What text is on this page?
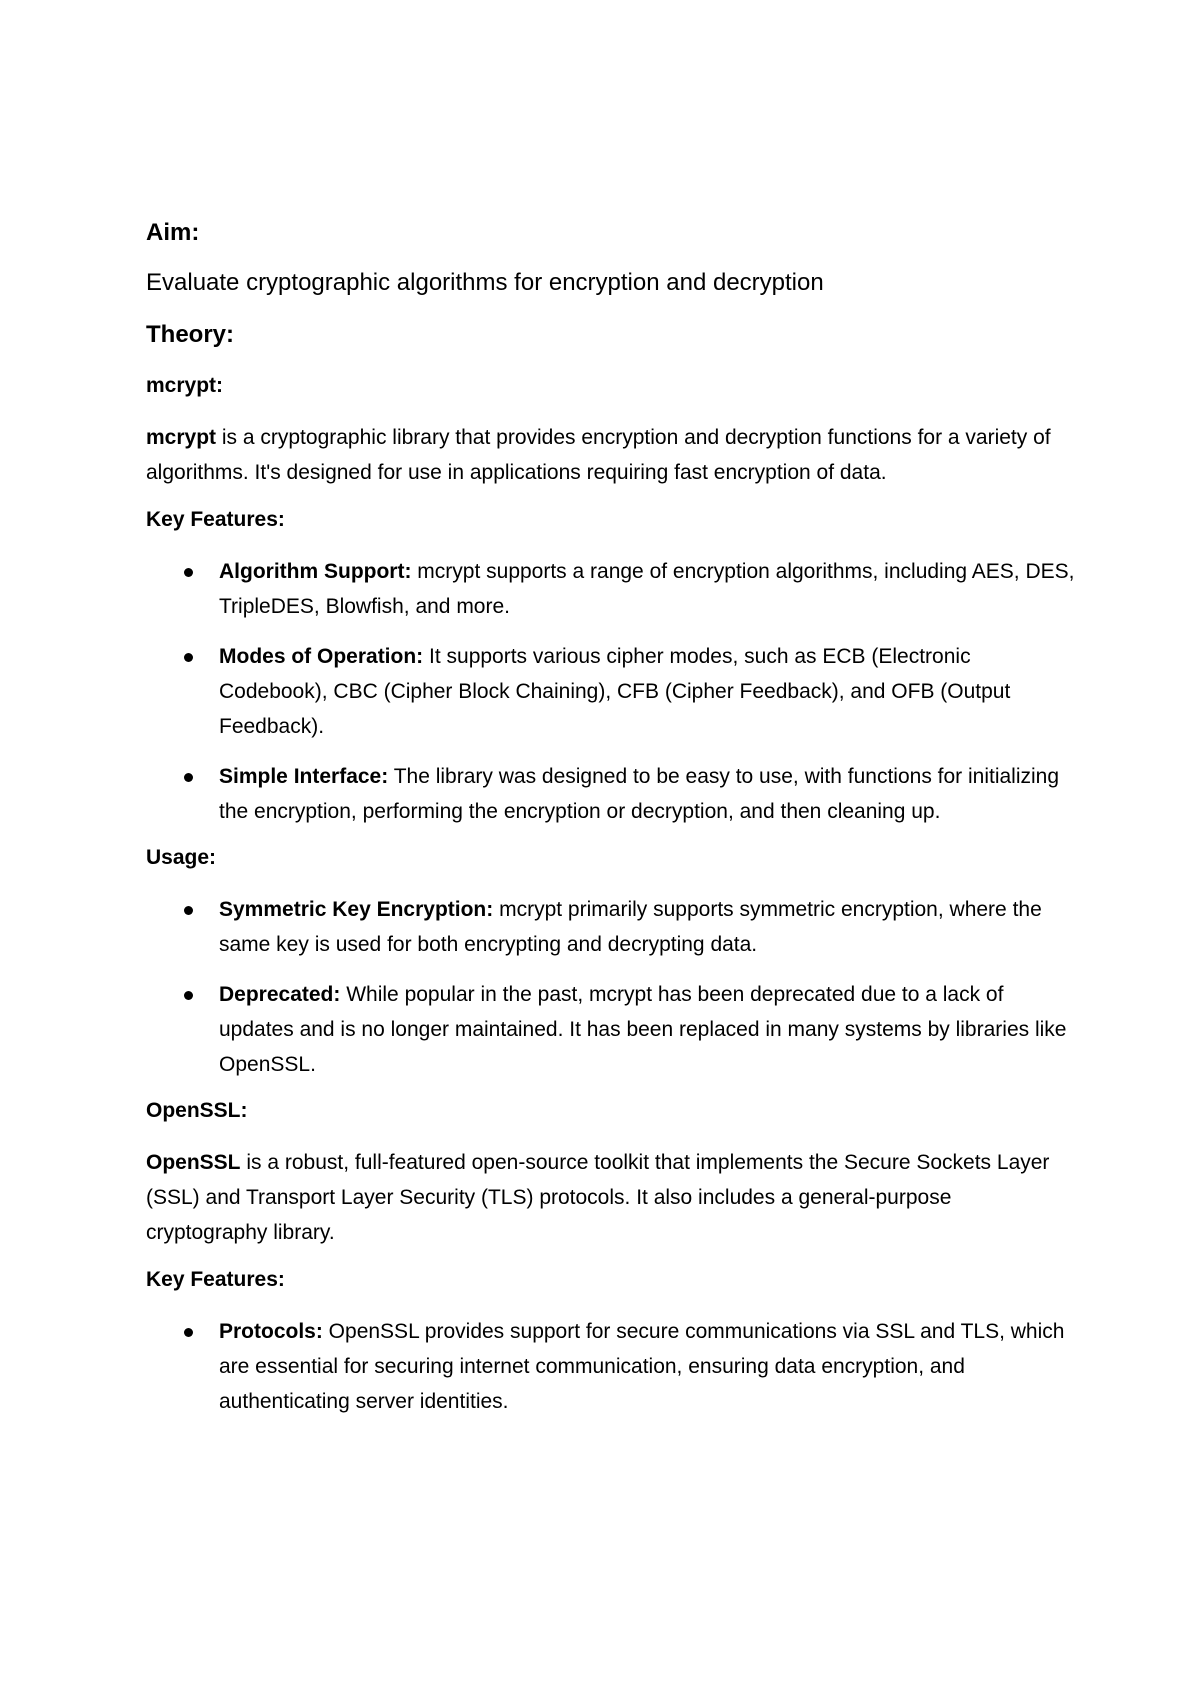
Aim:
Evaluate cryptographic algorithms for encryption and decryption
Theory:
mcrypt:

mcrypt is a cryptographic library that provides encryption and decryption functions for a variety of algorithms. It's designed for use in applications requiring fast encryption of data.

Key Features:
Algorithm Support: mcrypt supports a range of encryption algorithms, including AES, DES, TripleDES, Blowfish, and more.
Modes of Operation: It supports various cipher modes, such as ECB (Electronic Codebook), CBC (Cipher Block Chaining), CFB (Cipher Feedback), and OFB (Output Feedback).
Simple Interface: The library was designed to be easy to use, with functions for initializing the encryption, performing the encryption or decryption, and then cleaning up.
Usage:
Symmetric Key Encryption: mcrypt primarily supports symmetric encryption, where the same key is used for both encrypting and decrypting data.
Deprecated: While popular in the past, mcrypt has been deprecated due to a lack of updates and is no longer maintained. It has been replaced in many systems by libraries like OpenSSL.
OpenSSL:

OpenSSL is a robust, full-featured open-source toolkit that implements the Secure Sockets Layer (SSL) and Transport Layer Security (TLS) protocols. It also includes a general-purpose cryptography library.

Key Features:
Protocols: OpenSSL provides support for secure communications via SSL and TLS, which are essential for securing internet communication, ensuring data encryption, and authenticating server identities.
